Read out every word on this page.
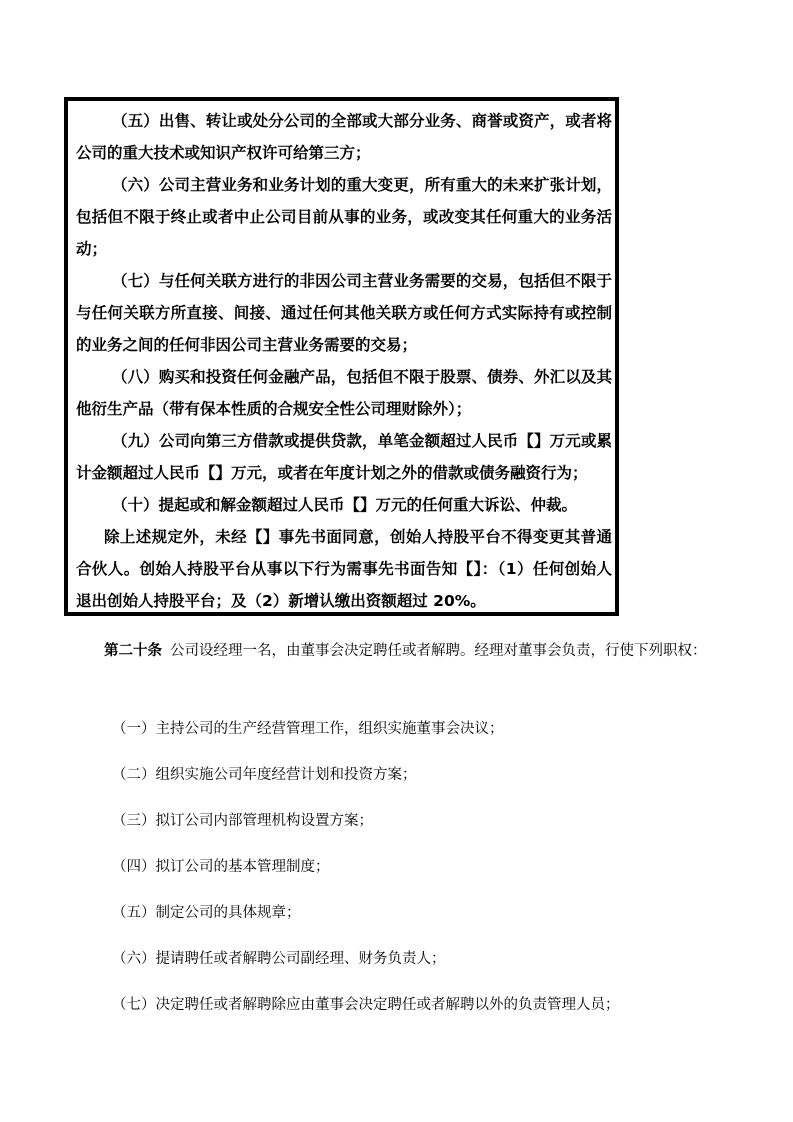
（五）出售、转让或处分公司的全部或大部分业务、商誉或资产，或者将公司的重大技术或知识产权许可给第三方；

（六）公司主营业务和业务计划的重大变更，所有重大的未来扩张计划，包括但不限于终止或者中止公司目前从事的业务，或改变其任何重大的业务活动；

（七）与任何关联方进行的非因公司主营业务需要的交易，包括但不限于与任何关联方所直接、间接、通过任何其他关联方或任何方式实际持有或控制的业务之间的任何非因公司主营业务需要的交易；

（八）购买和投资任何金融产品，包括但不限于股票、债券、外汇以及其他衍生产品（带有保本性质的合规安全性公司理财除外）；

（九）公司向第三方借款或提供贷款，单笔金额超过人民币【】万元或累计金额超过人民币【】万元，或者在年度计划之外的借款或债务融资行为；

（十）提起或和解金额超过人民币【】万元的任何重大诉讼、仲裁。

除上述规定外，未经【】事先书面同意，创始人持股平台不得变更其普通合伙人。创始人持股平台从事以下行为需事先书面告知【】：（1）任何创始人退出创始人持股平台；及（2）新增认缴出资额超过 20%。

第二十条 公司设经理一名，由董事会决定聘任或者解聘。经理对董事会负责，行使下列职权：

（一）主持公司的生产经营管理工作，组织实施董事会决议；

（二）组织实施公司年度经营计划和投资方案；

（三）拟订公司内部管理机构设置方案；

（四）拟订公司的基本管理制度；

（五）制定公司的具体规章；

（六）提请聘任或者解聘公司副经理、财务负责人；

（七）决定聘任或者解聘除应由董事会决定聘任或者解聘以外的负责管理人员；
